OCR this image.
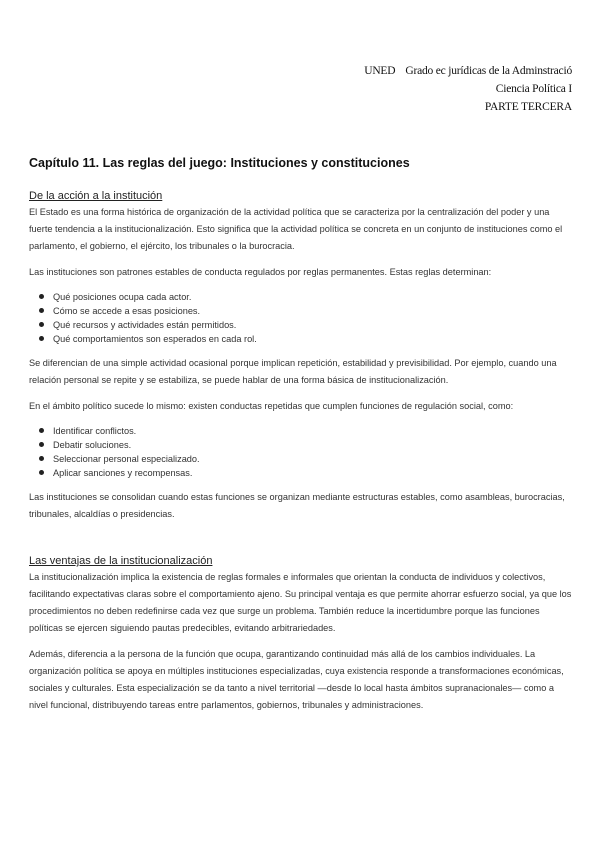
UNED Grado ec jurídicas de la Adminstració
Ciencia Política I
PARTE TERCERA
Capítulo 11. Las reglas del juego: Instituciones y constituciones
De la acción a la institución

El Estado es una forma histórica de organización de la actividad política que se caracteriza por la centralización del poder y una fuerte tendencia a la institucionalización. Esto significa que la actividad política se concreta en un conjunto de instituciones como el parlamento, el gobierno, el ejército, los tribunales o la burocracia.

Las instituciones son patrones estables de conducta regulados por reglas permanentes. Estas reglas determinan:

Qué posiciones ocupa cada actor.
Cómo se accede a esas posiciones.
Qué recursos y actividades están permitidos.
Qué comportamientos son esperados en cada rol.

Se diferencian de una simple actividad ocasional porque implican repetición, estabilidad y previsibilidad. Por ejemplo, cuando una relación personal se repite y se estabiliza, se puede hablar de una forma básica de institucionalización.

En el ámbito político sucede lo mismo: existen conductas repetidas que cumplen funciones de regulación social, como:

Identificar conflictos.
Debatir soluciones.
Seleccionar personal especializado.
Aplicar sanciones y recompensas.

Las instituciones se consolidan cuando estas funciones se organizan mediante estructuras estables, como asambleas, burocracias, tribunales, alcaldías o presidencias.

Las ventajas de la institucionalización

La institucionalización implica la existencia de reglas formales e informales que orientan la conducta de individuos y colectivos, facilitando expectativas claras sobre el comportamiento ajeno. Su principal ventaja es que permite ahorrar esfuerzo social, ya que los procedimientos no deben redefinirse cada vez que surge un problema. También reduce la incertidumbre porque las funciones políticas se ejercen siguiendo pautas predecibles, evitando arbitrariedades.

Además, diferencia a la persona de la función que ocupa, garantizando continuidad más allá de los cambios individuales. La organización política se apoya en múltiples instituciones especializadas, cuya existencia responde a transformaciones económicas, sociales y culturales. Esta especialización se da tanto a nivel territorial —desde lo local hasta ámbitos supranacionales— como a nivel funcional, distribuyendo tareas entre parlamentos, gobiernos, tribunales y administraciones.
